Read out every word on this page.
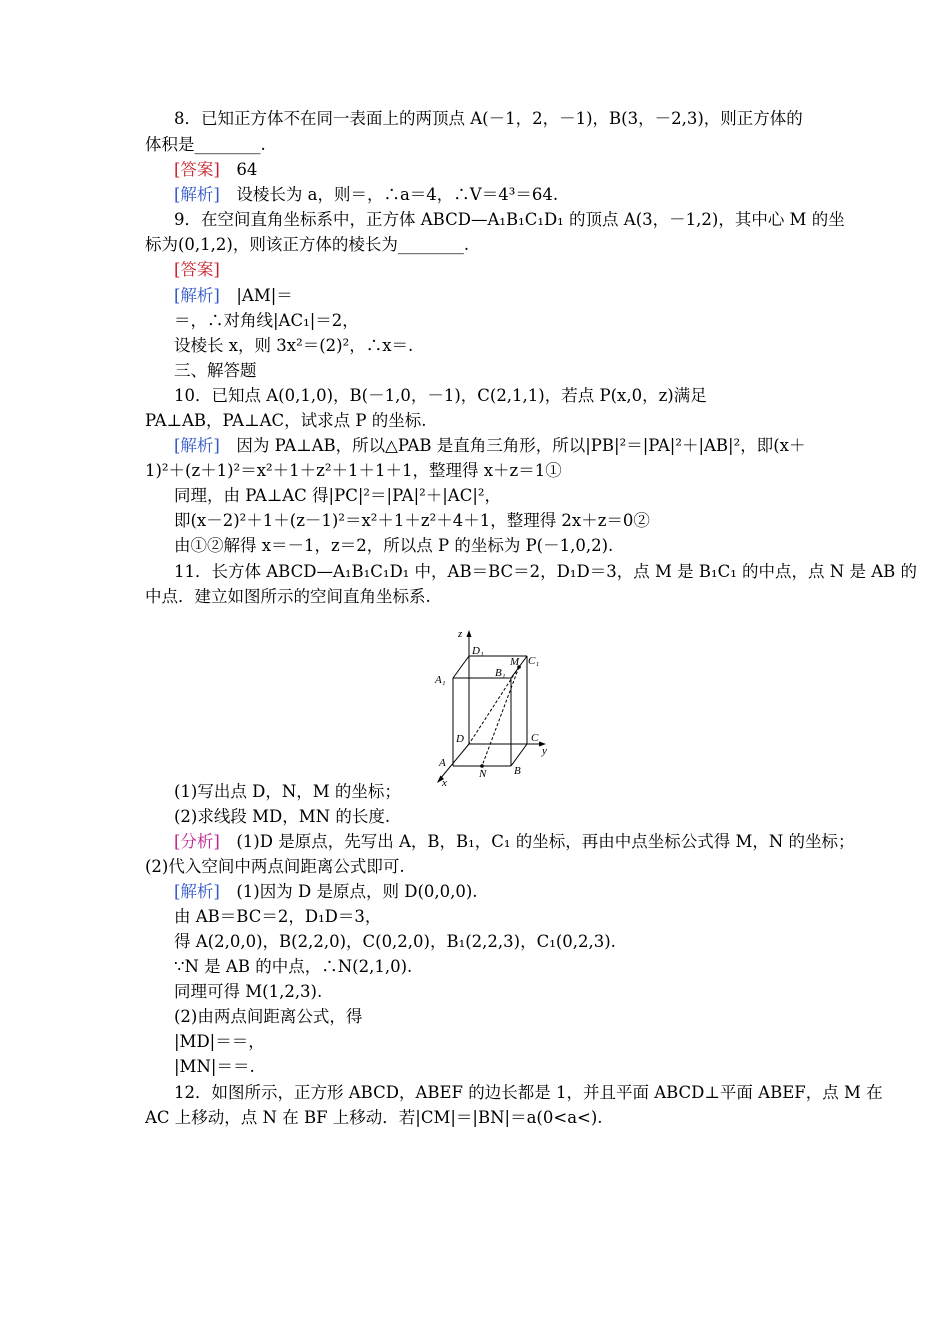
8．已知正方体不在同一表面上的两顶点 A(－1，2，－1)，B(3，－2,3)，则正方体的
体积是________.
[答案]　64
[解析]　设棱长为 a，则＝，∴a＝4，∴V＝4³＝64.
9．在空间直角坐标系中，正方体 ABCD—A₁B₁C₁D₁ 的顶点 A(3，－1,2)，其中心 M 的坐
标为(0,1,2)，则该正方体的棱长为________.
[答案]
[解析]　|AM|＝
＝，∴对角线|AC₁|＝2，
设棱长 x，则 3x²＝(2)²，∴x＝.
三、解答题
10．已知点 A(0,1,0)，B(－1,0，－1)，C(2,1,1)，若点 P(x,0，z)满足
PA⊥AB，PA⊥AC，试求点 P 的坐标.
[解析]　因为 PA⊥AB，所以△PAB 是直角三角形，所以|PB|²＝|PA|²＋|AB|²，即(x＋
1)²＋(z＋1)²＝x²＋1＋z²＋1＋1＋1，整理得 x＋z＝1①
同理，由 PA⊥AC 得|PC|²＝|PA|²＋|AC|²，
即(x－2)²＋1＋(z－1)²＝x²＋1＋z²＋4＋1，整理得 2x＋z＝0②
由①②解得 x＝－1，z＝2，所以点 P 的坐标为 P(－1,0,2).
11．长方体 ABCD—A₁B₁C₁D₁ 中，AB＝BC＝2，D₁D＝3，点 M 是 B₁C₁ 的中点，点 N 是 AB 的
中点．建立如图所示的空间直角坐标系.
(1)写出点 D，N，M 的坐标；
(2)求线段 MD，MN 的长度.
[分析]　(1)D 是原点，先写出 A，B，B₁，C₁ 的坐标，再由中点坐标公式得 M，N 的坐标；
(2)代入空间中两点间距离公式即可.
[解析]　(1)因为 D 是原点，则 D(0,0,0).
由 AB＝BC＝2，D₁D＝3，
得 A(2,0,0)，B(2,2,0)，C(0,2,0)，B₁(2,2,3)，C₁(0,2,3).
∵N 是 AB 的中点，∴N(2,1,0).
同理可得 M(1,2,3).
(2)由两点间距离公式，得
|MD|＝＝，
|MN|＝＝.
12．如图所示，正方形 ABCD，ABEF 的边长都是 1，并且平面 ABCD⊥平面 ABEF，点 M 在
AC 上移动，点 N 在 BF 上移动．若|CM|＝|BN|＝a(0<a<).
z
y
x
D₁
C₁
M
B₁
A₁
D	C
A
N	B
